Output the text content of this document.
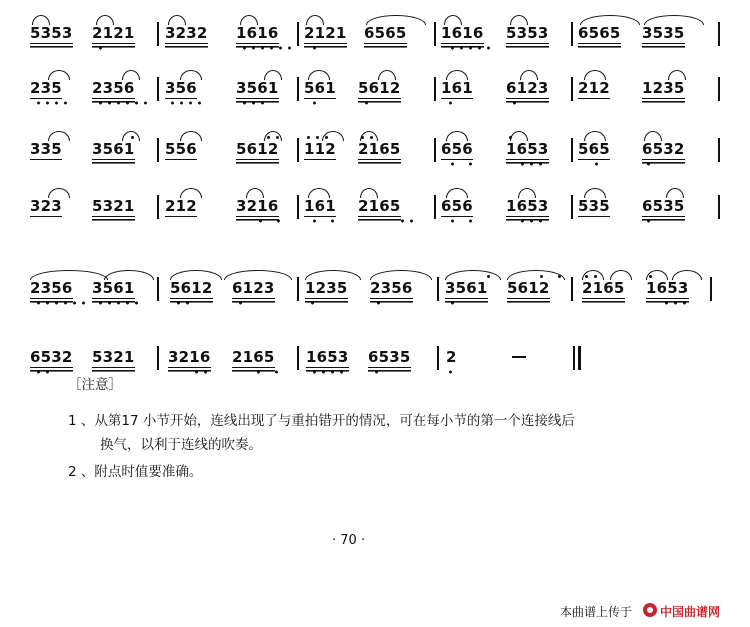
5353 2121 3232 1616 2121 6565 1616 5353 6565 3535
235 2356 356	3561 561 5612	161 6123 212 1235
335 3561 556	5612 112 2165	656 1653 565 6532
323 5321 212	3216 161 2165	656 1653 535 6535
2356 3561 5612 6123 1235 2356 3561 5612 2165 1653
6532 5321 3216 2165 1653 6535 2
［注意］
1 、从第17 小节开始，连线出现了与重拍错开的情况，可在每小节的第一个连接线后
换气，以利于连线的吹奏。
2 、附点时值要准确。
· 70 ·
本曲谱上传于 中国曲谱网
